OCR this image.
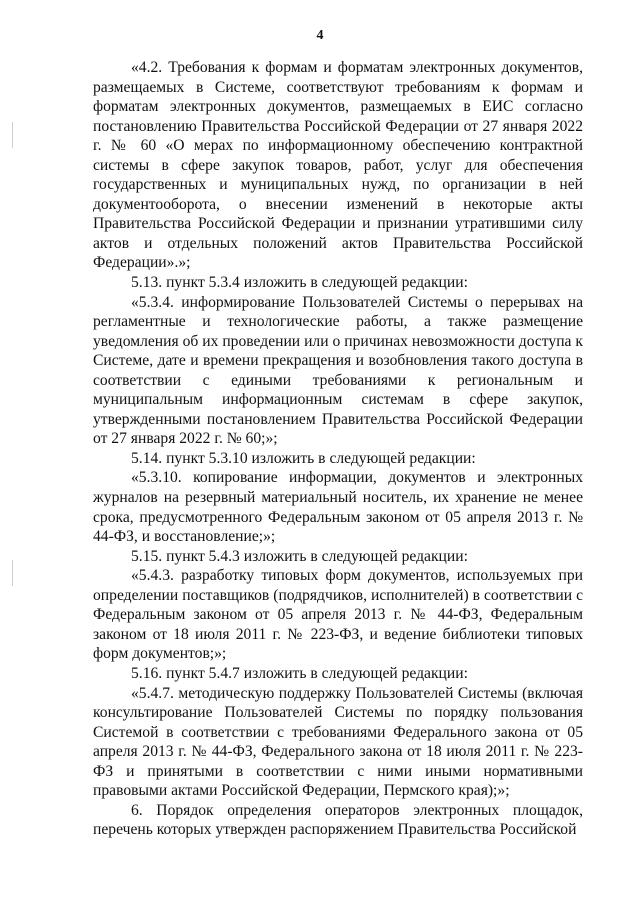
4

«4.2. Требования к формам и форматам электронных документов, размещаемых в Системе, соответствуют требованиям к формам и форматам электронных документов, размещаемых в ЕИС согласно постановлению Правительства Российской Федерации от 27 января 2022 г. № 60 «О мерах по информационному обеспечению контрактной системы в сфере закупок товаров, работ, услуг для обеспечения государственных и муниципальных нужд, по организации в ней документооборота, о внесении изменений в некоторые акты Правительства Российской Федерации и признании утратившими силу актов и отдельных положений актов Правительства Российской Федерации».»;

5.13. пункт 5.3.4 изложить в следующей редакции:

«5.3.4. информирование Пользователей Системы о перерывах на регламентные и технологические работы, а также размещение уведомления об их проведении или о причинах невозможности доступа к Системе, дате и времени прекращения и возобновления такого доступа в соответствии с едиными требованиями к региональным и муниципальным информационным системам в сфере закупок, утвержденными постановлением Правительства Российской Федерации от 27 января 2022 г. № 60;»;

5.14. пункт 5.3.10 изложить в следующей редакции:

«5.3.10. копирование информации, документов и электронных журналов на резервный материальный носитель, их хранение не менее срока, предусмотренного Федеральным законом от 05 апреля 2013 г. № 44-ФЗ, и восстановление;»;

5.15. пункт 5.4.3 изложить в следующей редакции:

«5.4.3. разработку типовых форм документов, используемых при определении поставщиков (подрядчиков, исполнителей) в соответствии с Федеральным законом от 05 апреля 2013 г. № 44-ФЗ, Федеральным законом от 18 июля 2011 г. № 223-ФЗ, и ведение библиотеки типовых форм документов;»;

5.16. пункт 5.4.7 изложить в следующей редакции:

«5.4.7. методическую поддержку Пользователей Системы (включая консультирование Пользователей Системы по порядку пользования Системой в соответствии с требованиями Федерального закона от 05 апреля 2013 г. № 44-ФЗ, Федерального закона от 18 июля 2011 г. № 223-ФЗ и принятыми в соответствии с ними иными нормативными правовыми актами Российской Федерации, Пермского края);»;

6. Порядок определения операторов электронных площадок, перечень которых утвержден распоряжением Правительства Российской
